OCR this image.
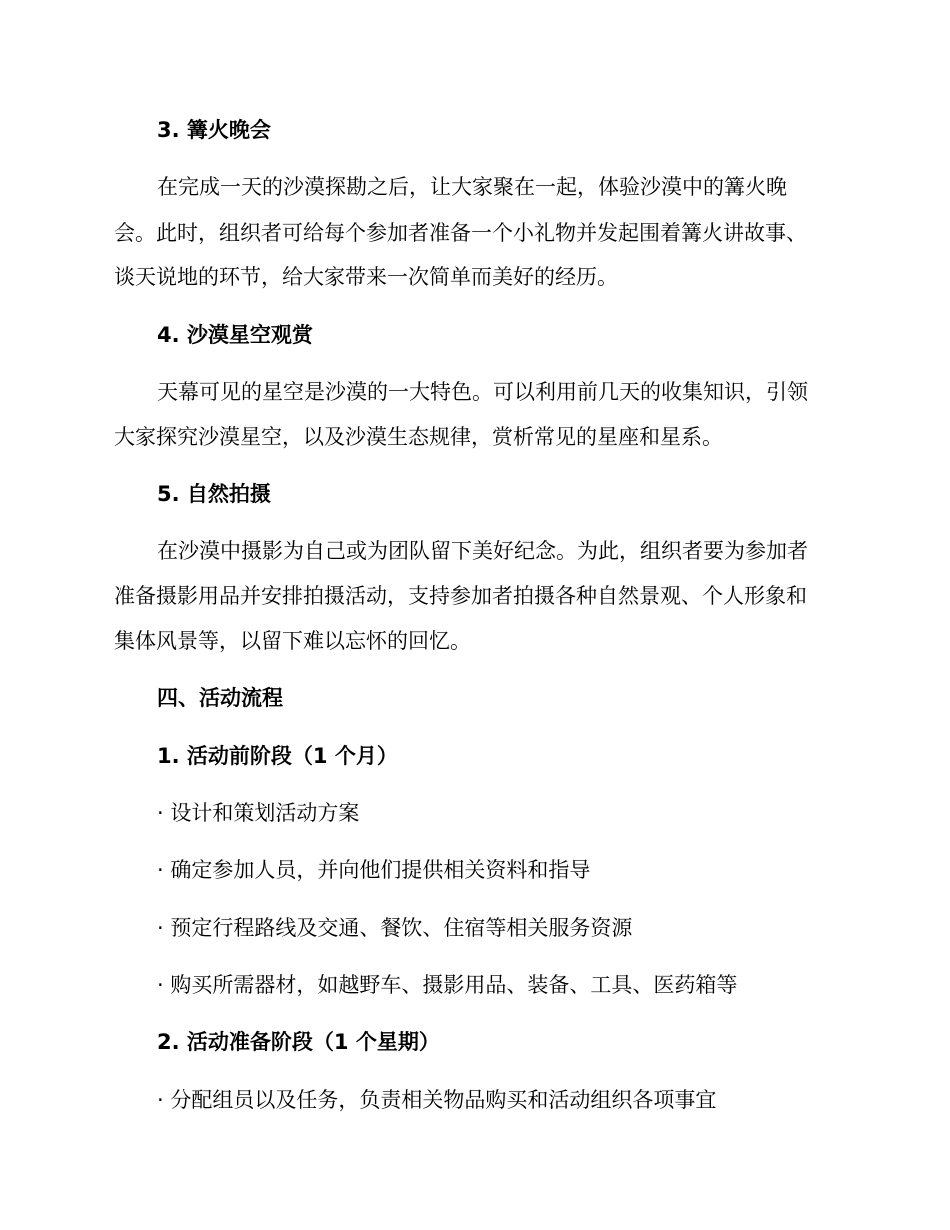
3. 篝火晚会
在完成一天的沙漠探勘之后，让大家聚在一起，体验沙漠中的篝火晚
会。此时，组织者可给每个参加者准备一个小礼物并发起围着篝火讲故事、
谈天说地的环节，给大家带来一次简单而美好的经历。
4. 沙漠星空观赏
天幕可见的星空是沙漠的一大特色。可以利用前几天的收集知识，引领
大家探究沙漠星空，以及沙漠生态规律，赏析常见的星座和星系。
5. 自然拍摄
在沙漠中摄影为自己或为团队留下美好纪念。为此，组织者要为参加者
准备摄影用品并安排拍摄活动，支持参加者拍摄各种自然景观、个人形象和
集体风景等，以留下难以忘怀的回忆。
四、活动流程
1. 活动前阶段（1 个月）
· 设计和策划活动方案
· 确定参加人员，并向他们提供相关资料和指导
· 预定行程路线及交通、餐饮、住宿等相关服务资源
· 购买所需器材，如越野车、摄影用品、装备、工具、医药箱等
2. 活动准备阶段（1 个星期）
· 分配组员以及任务，负责相关物品购买和活动组织各项事宜
